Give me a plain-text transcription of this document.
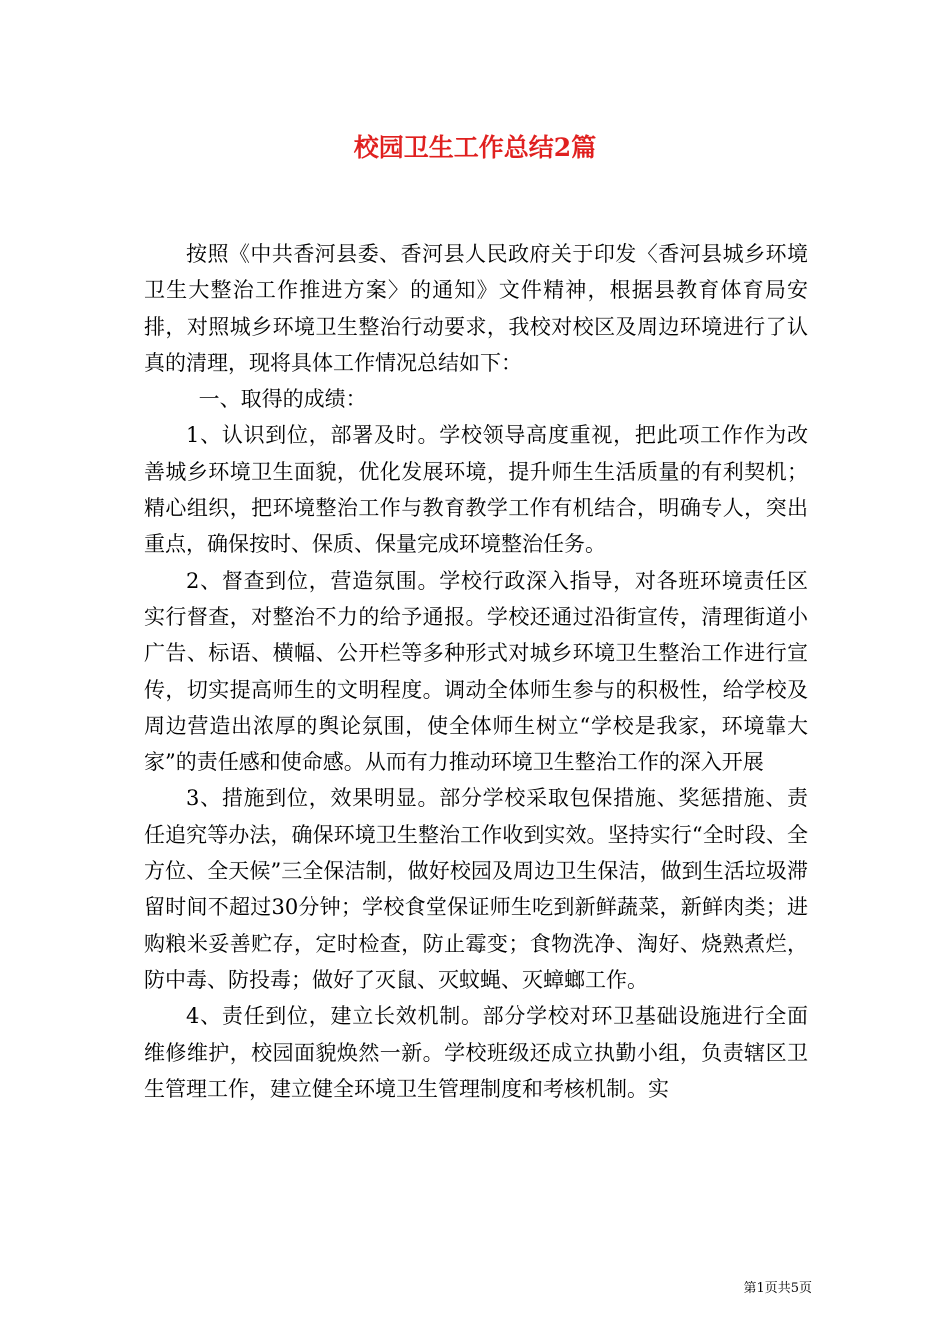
校园卫生工作总结2篇

按照《中共香河县委、香河县人民政府关于印发〈香河县城乡环境卫生大整治工作推进方案〉的通知》文件精神，根据县教育体育局安排，对照城乡环境卫生整治行动要求，我校对校区及周边环境进行了认真的清理，现将具体工作情况总结如下：

一、取得的成绩：

1、认识到位，部署及时。学校领导高度重视，把此项工作作为改善城乡环境卫生面貌，优化发展环境，提升师生生活质量的有利契机；精心组织，把环境整治工作与教育教学工作有机结合，明确专人，突出重点，确保按时、保质、保量完成环境整治任务。

2、督查到位，营造氛围。学校行政深入指导，对各班环境责任区实行督查，对整治不力的给予通报。学校还通过沿街宣传，清理街道小广告、标语、横幅、公开栏等多种形式对城乡环境卫生整治工作进行宣传，切实提高师生的文明程度。调动全体师生参与的积极性，给学校及周边营造出浓厚的舆论氛围，使全体师生树立“学校是我家，环境靠大家”的责任感和使命感。从而有力推动环境卫生整治工作的深入开展

3、措施到位，效果明显。部分学校采取包保措施、奖惩措施、责任追究等办法，确保环境卫生整治工作收到实效。坚持实行“全时段、全方位、全天候”三全保洁制，做好校园及周边卫生保洁，做到生活垃圾滞留时间不超过30分钟；学校食堂保证师生吃到新鲜蔬菜，新鲜肉类；进购粮米妥善贮存，定时检查，防止霉变；食物洗净、淘好、烧熟煮烂，防中毒、防投毒；做好了灭鼠、灭蚊蝇、灭蟑螂工作。

4、责任到位，建立长效机制。部分学校对环卫基础设施进行全面维修维护，校园面貌焕然一新。学校班级还成立执勤小组，负责辖区卫生管理工作，建立健全环境卫生管理制度和考核机制。实

第1页共5页
